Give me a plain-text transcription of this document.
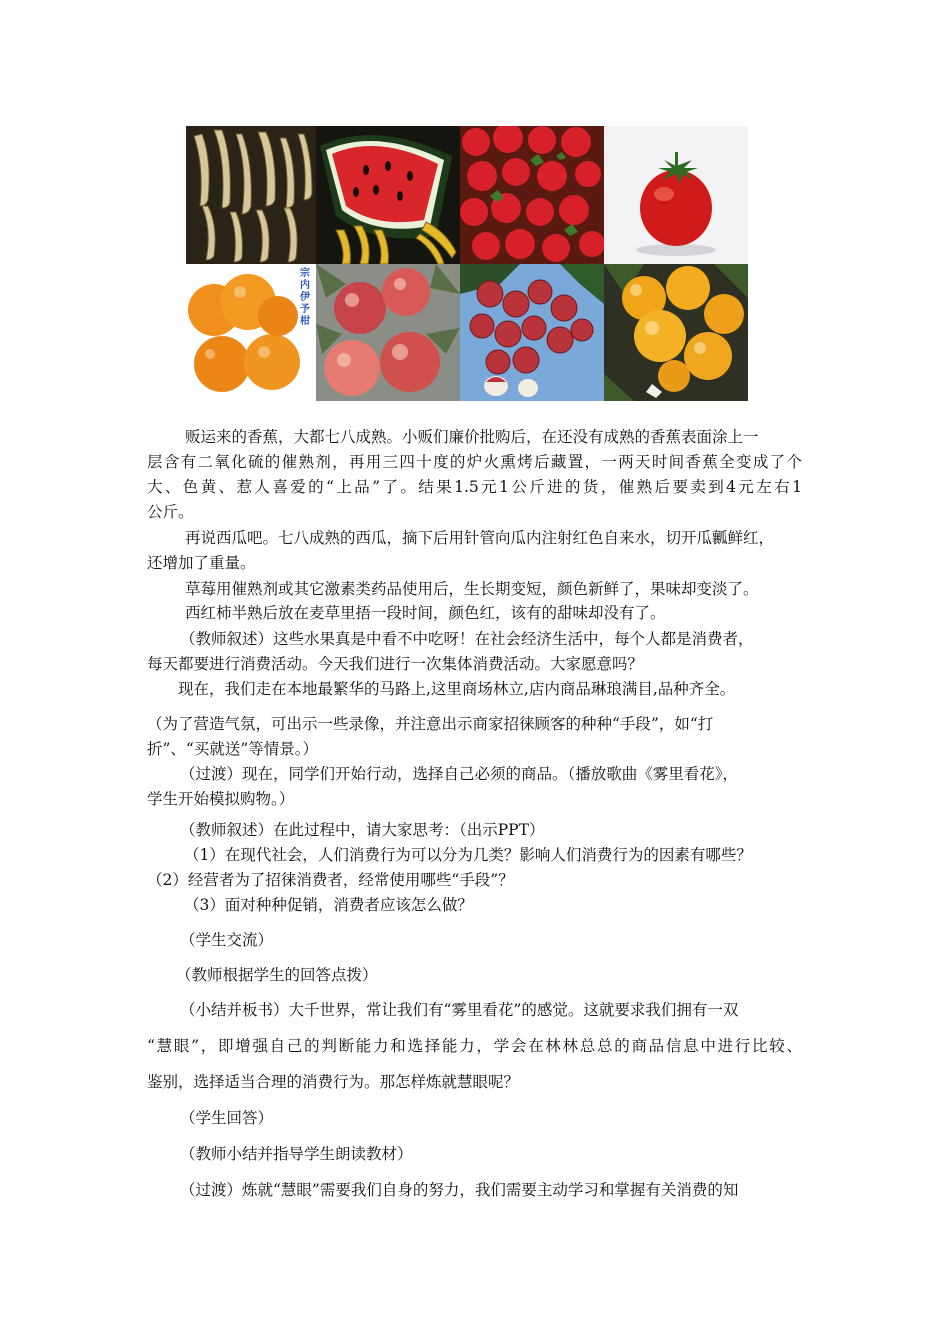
宗内伊予柑
贩运来的香蕉，大都七八成熟。小贩们廉价批购后，在还没有成熟的香蕉表面涂上一
层含有二氧化硫的催熟剂，再用三四十度的炉火熏烤后藏置，一两天时间香蕉全变成了个
大、色黄、惹人喜爱的“上品”了。结果1.5元1公斤进的货，催熟后要卖到4元左右1
公斤。
再说西瓜吧。七八成熟的西瓜，摘下后用针管向瓜内注射红色自来水，切开瓜瓤鲜红，
还增加了重量。
草莓用催熟剂或其它激素类药品使用后，生长期变短，颜色新鲜了，果味却变淡了。
西红柿半熟后放在麦草里捂一段时间，颜色红，该有的甜味却没有了。
（教师叙述）这些水果真是中看不中吃呀！在社会经济生活中，每个人都是消费者，
每天都要进行消费活动。今天我们进行一次集体消费活动。大家愿意吗？
现在，我们走在本地最繁华的马路上,这里商场林立,店内商品琳琅满目,品种齐全。
（为了营造气氛，可出示一些录像，并注意出示商家招徕顾客的种种“手段”，如“打
折”、“买就送”等情景。）
（过渡）现在，同学们开始行动，选择自己必须的商品。（播放歌曲《雾里看花》，
学生开始模拟购物。）
（教师叙述）在此过程中，请大家思考：（出示PPT）
（1）在现代社会，人们消费行为可以分为几类？影响人们消费行为的因素有哪些？
（2）经营者为了招徕消费者，经常使用哪些“手段”？
（3）面对种种促销，消费者应该怎么做？
（学生交流）
（教师根据学生的回答点拨）
（小结并板书）大千世界，常让我们有“雾里看花”的感觉。这就要求我们拥有一双
“慧眼”，即增强自己的判断能力和选择能力，学会在林林总总的商品信息中进行比较、
鉴别，选择适当合理的消费行为。那怎样炼就慧眼呢？
（学生回答）
（教师小结并指导学生朗读教材）
（过渡）炼就“慧眼”需要我们自身的努力，我们需要主动学习和掌握有关消费的知
